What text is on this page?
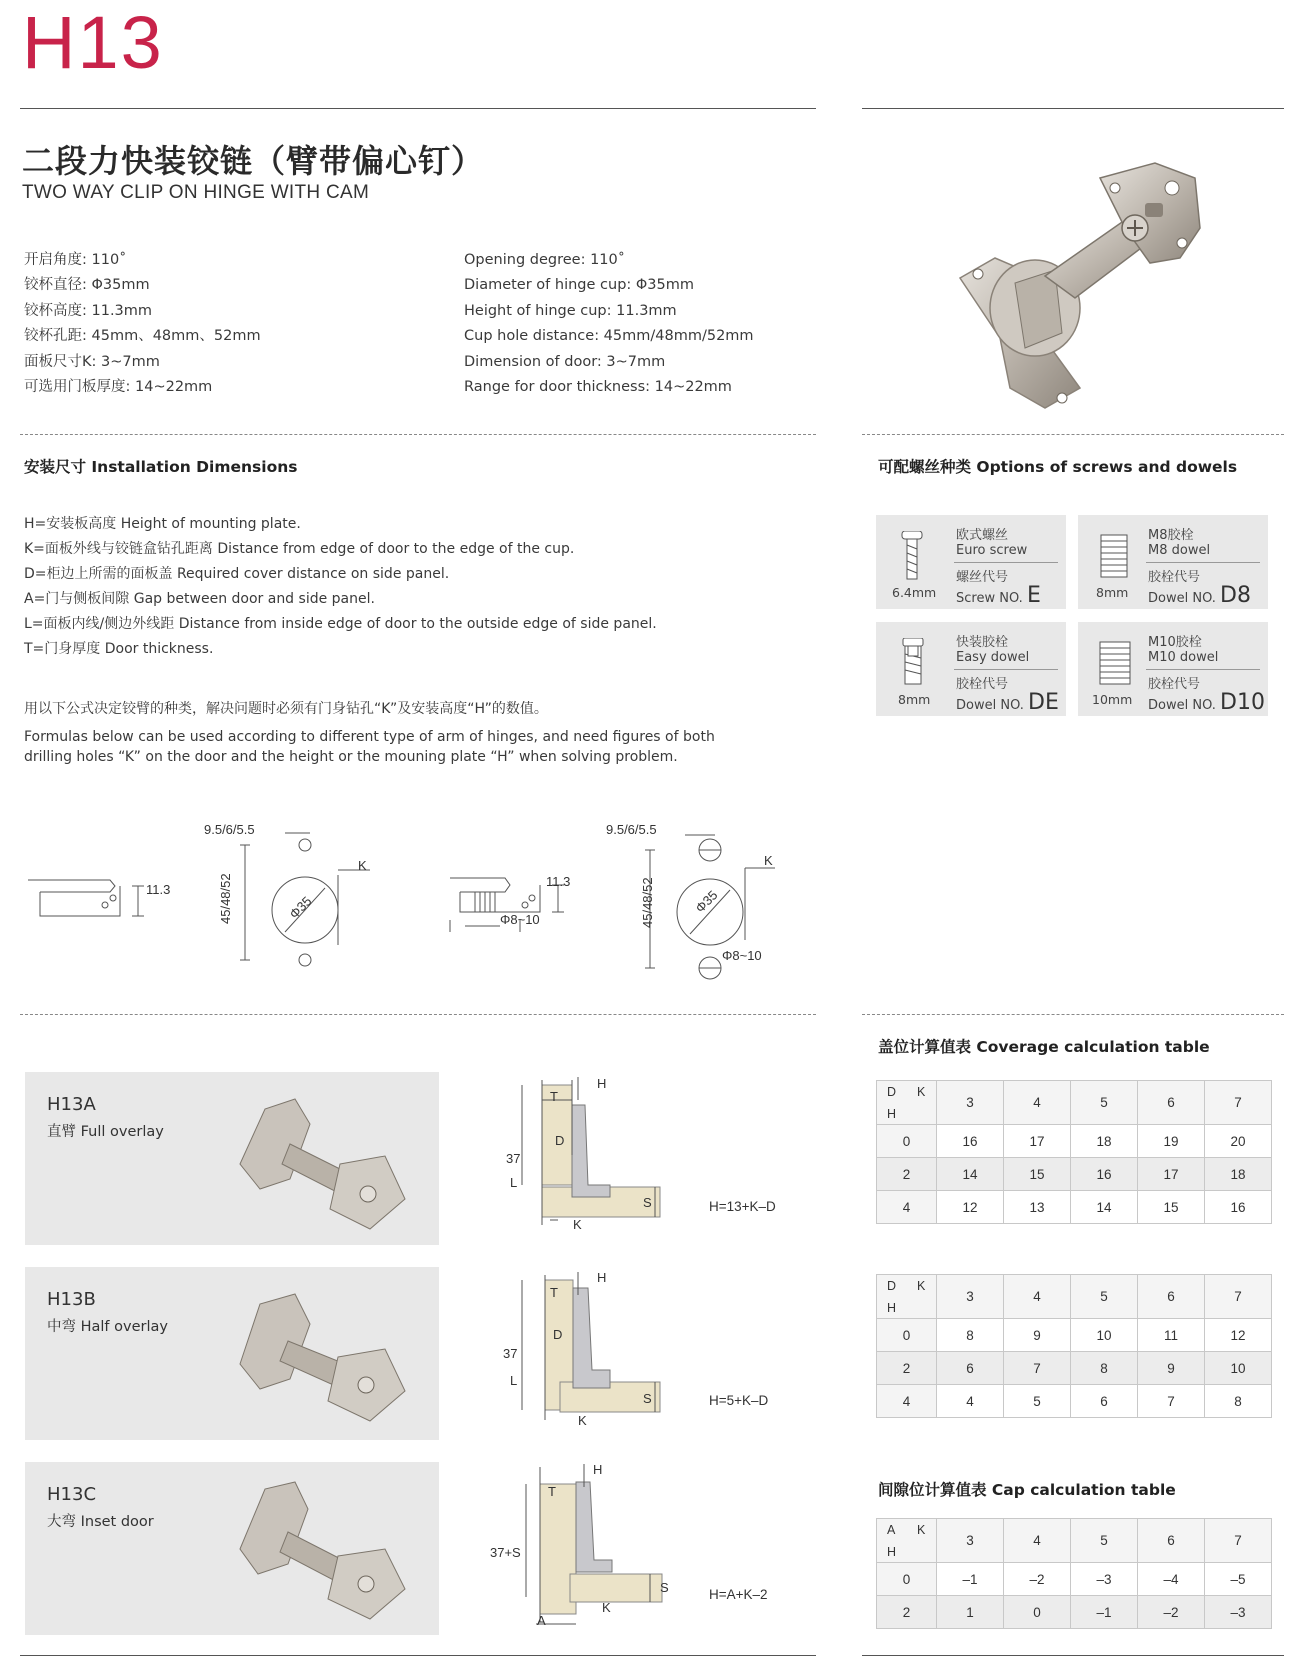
H13
二段力快装铰链（臂带偏心钉）
TWO WAY CLIP ON HINGE WITH CAM
开启角度: 110˚
铰杯直径: Φ35mm
铰杯高度: 11.3mm
铰杯孔距: 45mm、48mm、52mm
面板尺寸K: 3~7mm
可选用门板厚度: 14~22mm
Opening degree: 110˚
Diameter of hinge cup: Φ35mm
Height of hinge cup: 11.3mm
Cup hole distance: 45mm/48mm/52mm
Dimension of door: 3~7mm
Range for door thickness: 14~22mm
安装尺寸 Installation Dimensions
H=安装板高度 Height of mounting plate.
K=面板外线与铰链盒钻孔距离 Distance from edge of door to the edge of the cup.
D=柜边上所需的面板盖 Required cover distance on side panel.
A=门与侧板间隙 Gap between door and side panel.
L=面板内线/侧边外线距 Distance from inside edge of door to the outside edge of side panel.
T=门身厚度 Door thickness.
用以下公式决定铰臂的种类，解决问题时必须有门身钻孔“K”及安装高度“H”的数值。
Formulas below can be used according to different type of arm of hinges, and need figures of both
drilling holes “K” on the door and the height or the mouning plate “H” when solving problem.
11.3
9.5/6/5.5
45/48/52	Φ35
K
11.3
Φ8~10
9.5/6/5.5
45/48/52	Φ35
K
Φ8~10
可配螺丝种类 Options of screws and dowels
6.4mm
欧式螺丝
Euro screw
螺丝代号
Screw NO. E	8mm
M8胶栓
M8 dowel
胶栓代号
Dowel NO. D8
8mm
快装胶栓
Easy dowel
胶栓代号
Dowel NO. DE	10mm
M10胶栓
M10 dowel
胶栓代号
Dowel NO. D10
H13A
直臂 Full overlay
H13B
中弯 Half overlay
H13C
大弯 Inset door
T
H
D
37
L
S
K
H=13+K–D
T
H
D
37
L
S
K
H=5+K–D
T
H
37+S
S
K
A
H=A+K–2
盖位计算值表 Coverage calculation table
D K
H	3	4	5	6	7
0	16	17	18	19	20
2	14	15	16	17	18
4	12	13	14	15	16
D K
H	3	4	5	6	7
0	8	9	10	11	12
2	6	7	8	9	10
4	4	5	6	7	8
间隙位计算值表 Cap calculation table
A K
H	3	4	5	6	7
0	–1	–2	–3	–4	–5
2	1	0	–1	–2	–3
